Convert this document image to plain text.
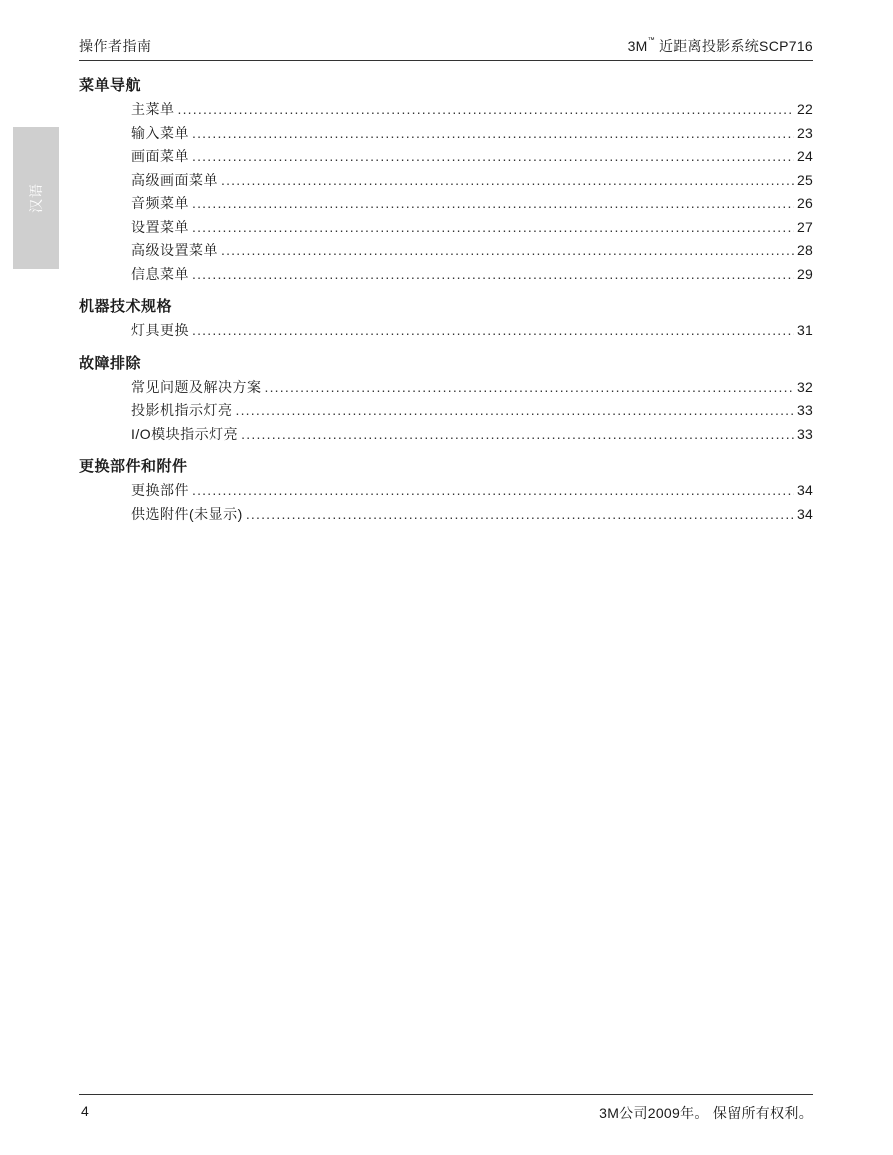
操作者指南	3M™ 近距离投影系统SCP716
汉语
菜单导航
主菜单 .....	22
输入菜单 .....	23
画面菜单 .....	24
高级画面菜单 .....	25
音频菜单 .....	26
设置菜单 .....	27
高级设置菜单 .....	28
信息菜单 .....	29
机器技术规格
灯具更换 .....	31
故障排除
常见问题及解决方案 .....	32
投影机指示灯亮 .....	33
I/O模块指示灯亮 .....	33
更换部件和附件
更换部件 .....	34
供选附件(未显示) .....	34
4	3M公司2009年。 保留所有权利。
